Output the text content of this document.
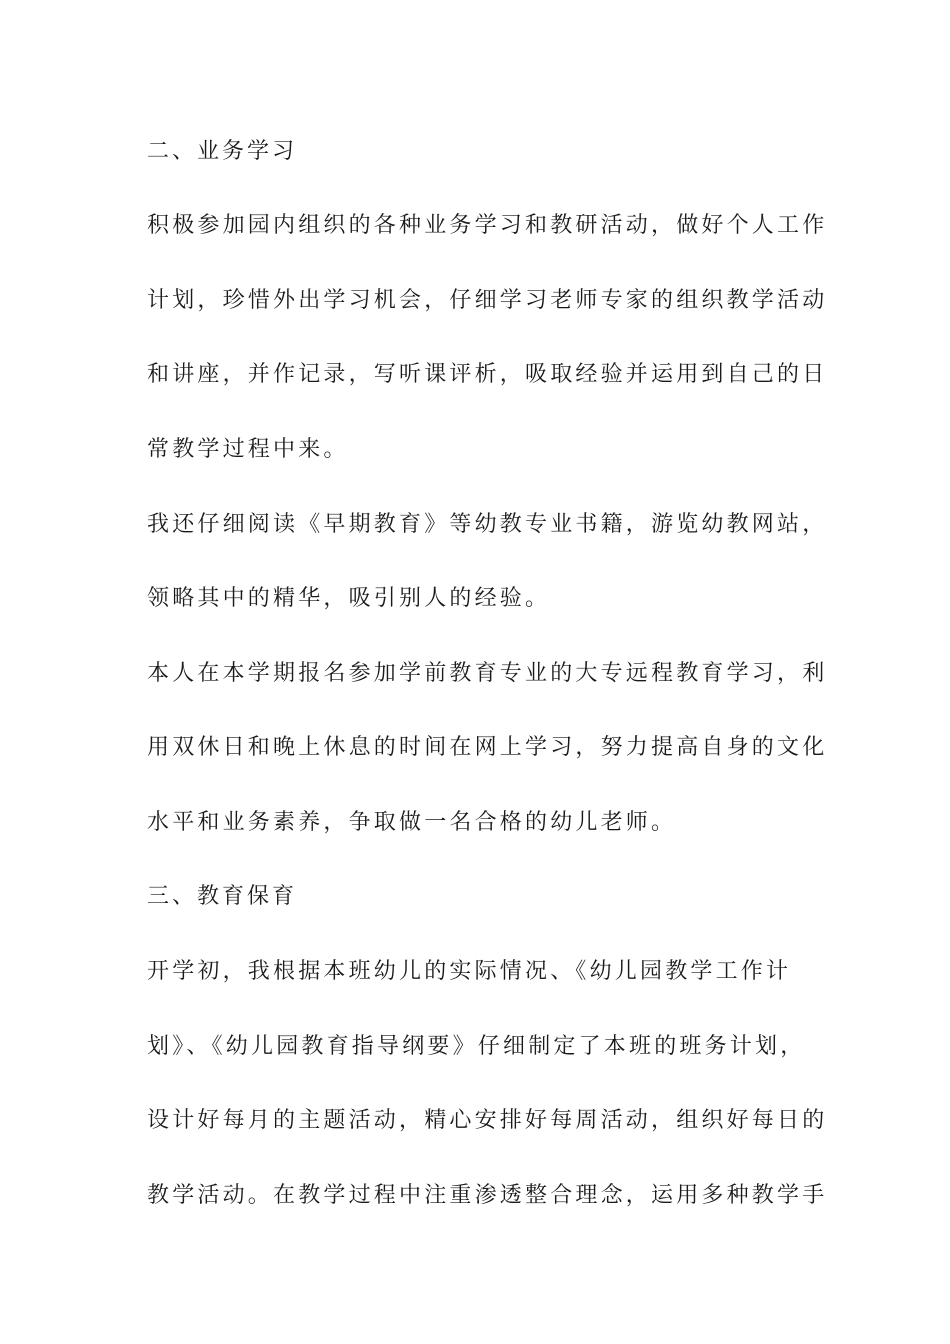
二、业务学习

积极参加园内组织的各种业务学习和教研活动，做好个人工作

计划，珍惜外出学习机会，仔细学习老师专家的组织教学活动

和讲座，并作记录，写听课评析，吸取经验并运用到自己的日

常教学过程中来。

我还仔细阅读《早期教育》等幼教专业书籍，游览幼教网站，

领略其中的精华，吸引别人的经验。

本人在本学期报名参加学前教育专业的大专远程教育学习，利

用双休日和晚上休息的时间在网上学习，努力提高自身的文化

水平和业务素养，争取做一名合格的幼儿老师。

三、教育保育

开学初，我根据本班幼儿的实际情况、《幼儿园教学工作计

划》、《幼儿园教育指导纲要》仔细制定了本班的班务计划，

设计好每月的主题活动，精心安排好每周活动，组织好每日的

教学活动。在教学过程中注重渗透整合理念，运用多种教学手
